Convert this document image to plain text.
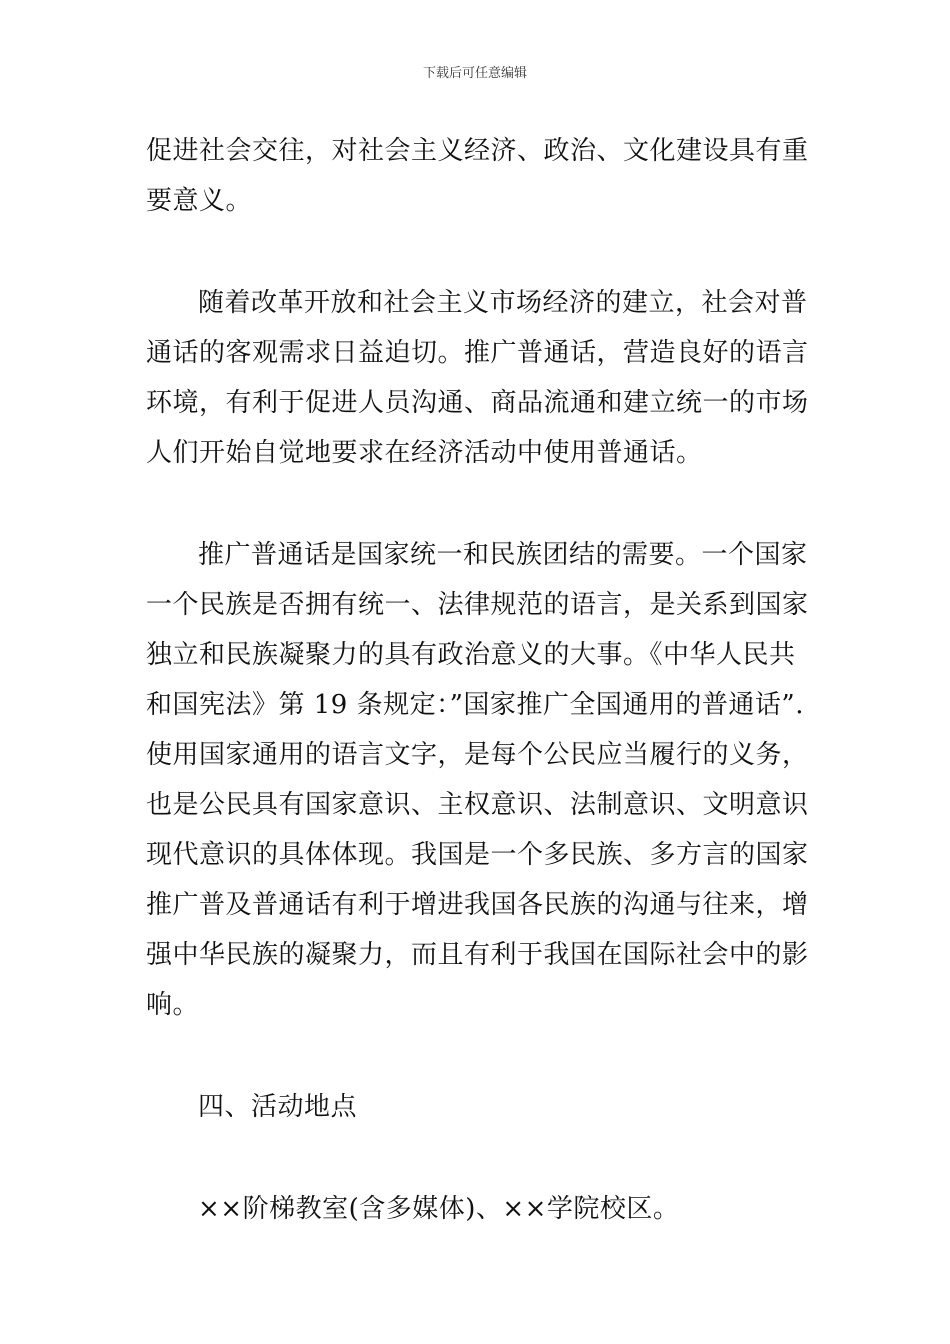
下载后可任意编辑

促进社会交往，对社会主义经济、政治、文化建设具有重
要意义。

随着改革开放和社会主义市场经济的建立，社会对普
通话的客观需求日益迫切。推广普通话，营造良好的语言
环境，有利于促进人员沟通、商品流通和建立统一的市场
人们开始自觉地要求在经济活动中使用普通话。

推广普通话是国家统一和民族团结的需要。一个国家
一个民族是否拥有统一、法律规范的语言，是关系到国家
独立和民族凝聚力的具有政治意义的大事。《中华人民共
和国宪法》第 19 条规定：”国家推广全国通用的普通话”.
使用国家通用的语言文字，是每个公民应当履行的义务，
也是公民具有国家意识、主权意识、法制意识、文明意识
现代意识的具体体现。我国是一个多民族、多方言的国家
推广普及普通话有利于增进我国各民族的沟通与往来，增
强中华民族的凝聚力，而且有利于我国在国际社会中的影
响。

四、活动地点

××阶梯教室(含多媒体)、××学院校区。
